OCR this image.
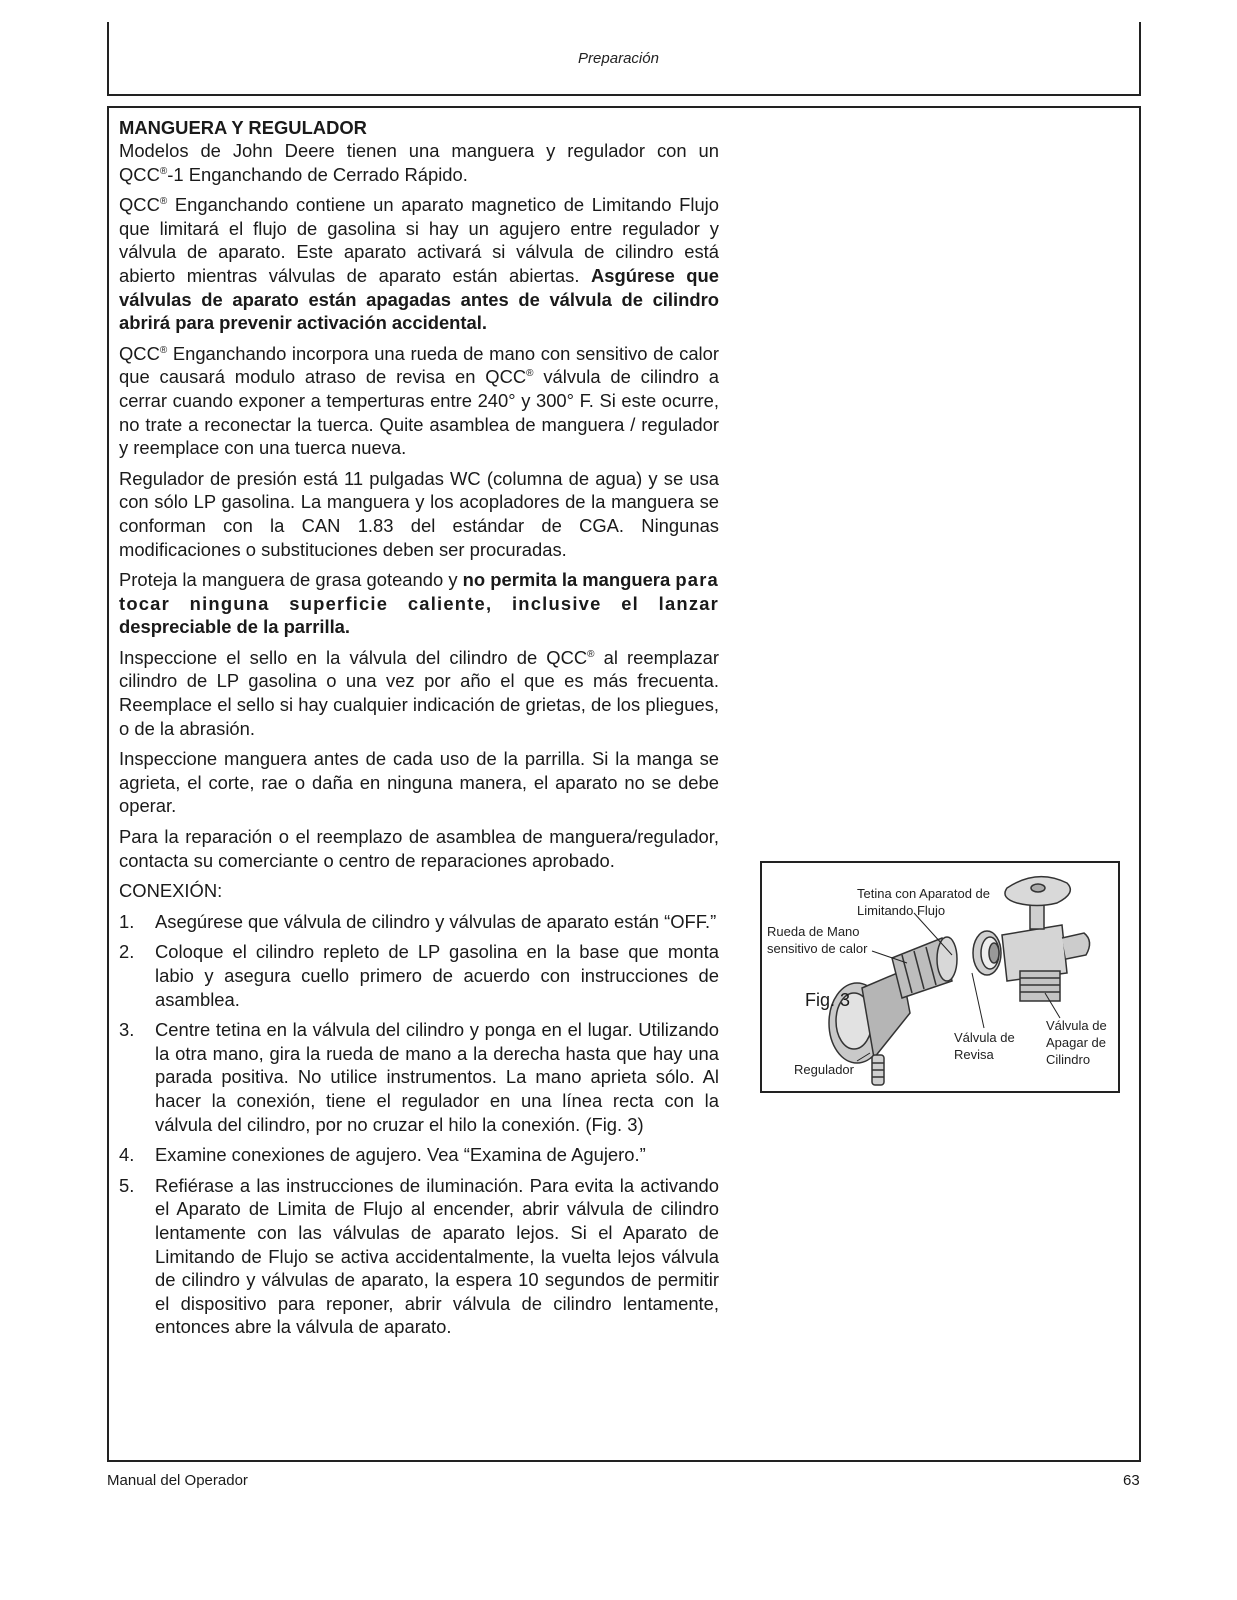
Preparación
MANGUERA Y REGULADOR

Modelos de John Deere tienen una manguera y regulador con un QCC®-1 Enganchando de Cerrado Rápido.

QCC® Enganchando contiene un aparato magnetico de Limitando Flujo que limitará el flujo de gasolina si hay un agujero entre regulador y válvula de aparato. Este aparato activará si válvula de cilindro está abierto mientras válvulas de aparato están abiertas. Asgúrese que válvulas de aparato están apagadas antes de válvula de cilindro abrirá para prevenir activación accidental.

QCC® Enganchando incorpora una rueda de mano con sensitivo de calor que causará modulo atraso de revisa en QCC® válvula de cilindro a cerrar cuando exponer a temperturas entre 240° y 300° F. Si este ocurre, no trate a reconectar la tuerca. Quite asamblea de manguera / regulador y reemplace con una tuerca nueva.

Regulador de presión está 11 pulgadas WC (columna de agua) y se usa con sólo LP gasolina. La manguera y los acopladores de la manguera se conforman con la CAN 1.83 del estándar de CGA. Ningunas modificaciones o substituciones deben ser procuradas.

Proteja la manguera de grasa goteando y no permita la manguera para tocar ninguna superficie caliente, inclusive el lanzar despreciable de la parrilla.

Inspeccione el sello en la válvula del cilindro de QCC® al reemplazar cilindro de LP gasolina o una vez por año el que es más frecuenta. Reemplace el sello si hay cualquier indicación de grietas, de los pliegues, o de la abrasión.

Inspeccione manguera antes de cada uso de la parrilla. Si la manga se agrieta, el corte, rae o daña en ninguna manera, el aparato no se debe operar.

Para la reparación o el reemplazo de asamblea de manguera/regulador, contacta su comerciante o centro de reparaciones aprobado.

CONEXIÓN:

1. Asegúrese que válvula de cilindro y válvulas de aparato están “OFF.”
2. Coloque el cilindro repleto de LP gasolina en la base que monta labio y asegura cuello primero de acuerdo con instrucciones de asamblea.
3. Centre tetina en la válvula del cilindro y ponga en el lugar. Utilizando la otra mano, gira la rueda de mano a la derecha hasta que hay una parada positiva. No utilice instrumentos. La mano aprieta sólo. Al hacer la conexión, tiene el regulador en una línea recta con la válvula del cilindro, por no cruzar el hilo la conexión. (Fig. 3)
4. Examine conexiones de agujero. Vea “Examina de Agujero.”
5. Refiérase a las instrucciones de iluminación. Para evita la activando el Aparato de Limita de Flujo al encender, abrir válvula de cilindro lentamente con las válvulas de aparato lejos. Si el Aparato de Limitando de Flujo se activa accidentalmente, la vuelta lejos válvula de cilindro y válvulas de aparato, la espera 10 segundos de permitir el dispositivo para reponer, abrir válvula de cilindro lentamente, entonces abre la válvula de aparato.
Tetina con Aparatod de
Limitando Flujo
Rueda de Mano
sensitivo de calor
Válvula de
Revisa
Válvula de
Apagar de
Cilindro
Regulador
Fig. 3
Manual del Operador	63
